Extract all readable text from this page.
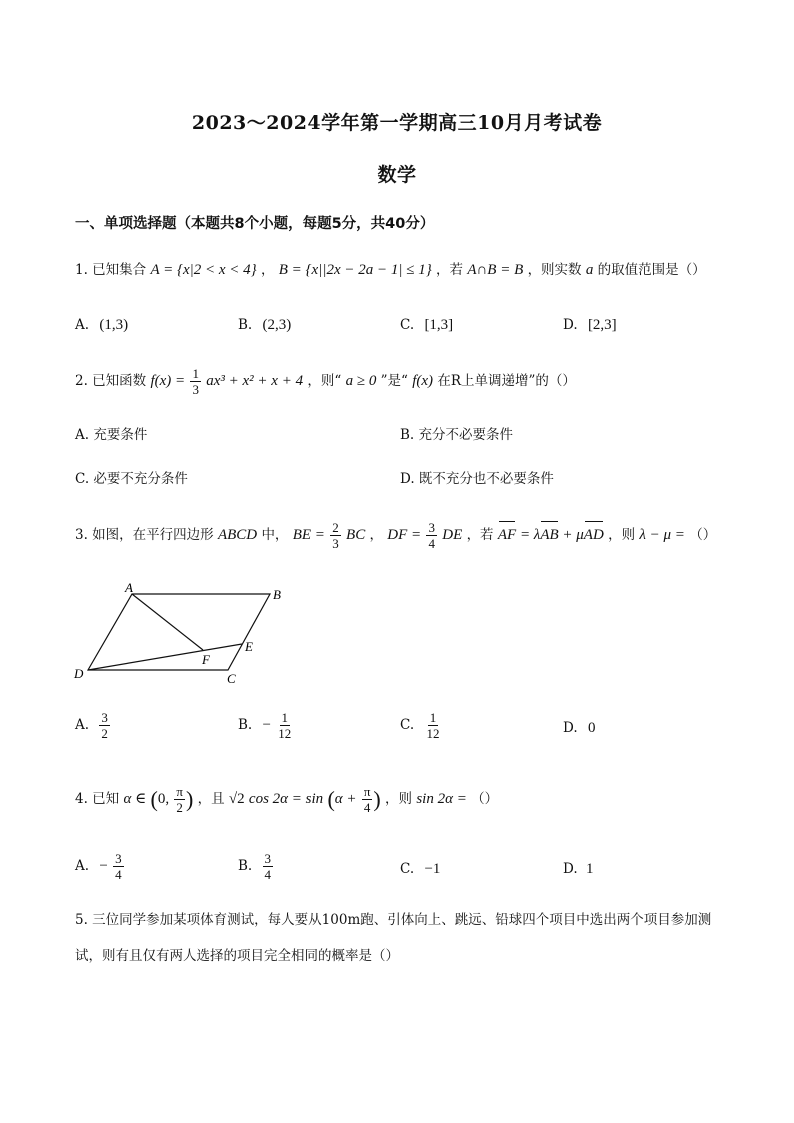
2023～2024学年第一学期高三10月月考试卷
数学
一、单项选择题（本题共8个小题，每题5分，共40分）
1. 已知集合 A = {x|2 < x < 4} ， B = {x||2x − 2a − 1| ≤ 1} ，若 A∩B = B ，则实数 a 的取值范围是（）
A. (1,3)	B. (2,3)	C. [1,3]	D. [2,3]
2. 已知函数 $f(x) = \frac{1}{3} ax^3 + x^2 + x + 4$ ，则“ a ≥ 0 ”是“ f(x) 在R上单调递增”的（）
A. 充要条件	B. 充分不必要条件
C. 必要不充分条件	D. 既不充分也不必要条件
3. 如图，在平行四边形 ABCD 中， BE = $\frac{2}{3}$ BC ， DF = $\frac{3}{4}$ DE ，若 AF = λAB + μAD ，则 λ − μ = （）
A	B
C
D
E
F
A. $\frac{3}{2}$	B. − $\frac{1}{12}$	C. $\frac{1}{12}$	D. 0
4. 已知 α ∈ (0, $\frac{\pi}{2}$ ) ，且 √2 $\cos 2\alpha = \sin (\alpha + \frac{\pi}{4}$ ) ，则 sin 2α = （）
A. − $\frac{3}{4}$	B. $\frac{3}{4}$	C. −1	D. 1
5. 三位同学参加某项体育测试，每人要从100m跑、引体向上、跳远、铅球四个项目中选出两个项目参加测试，则有且仅有两人选择的项目完全相同的概率是（）
